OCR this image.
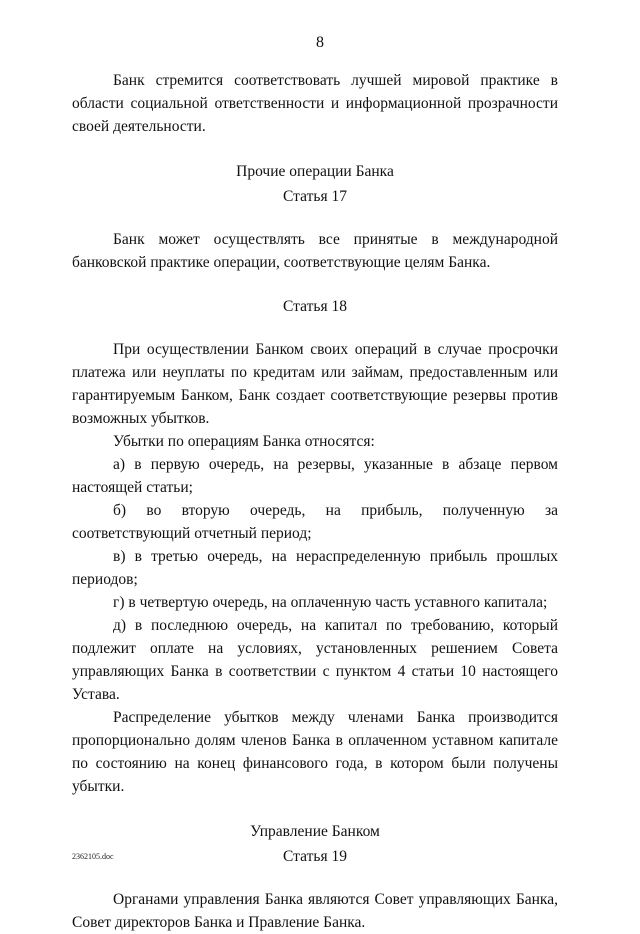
8

Банк стремится соответствовать лучшей мировой практике в области социальной ответственности и информационной прозрачности своей деятельности.

Прочие операции Банка

Статья 17

Банк может осуществлять все принятые в международной банковской практике операции, соответствующие целям Банка.

Статья 18

При осуществлении Банком своих операций в случае просрочки платежа или неуплаты по кредитам или займам, предоставленным или гарантируемым Банком, Банк создает соответствующие резервы против возможных убытков.

Убытки по операциям Банка относятся:

а) в первую очередь, на резервы, указанные в абзаце первом настоящей статьи;

б) во вторую очередь, на прибыль, полученную за соответствующий отчетный период;

в) в третью очередь, на нераспределенную прибыль прошлых периодов;

г) в четвертую очередь, на оплаченную часть уставного капитала;

д) в последнюю очередь, на капитал по требованию, который подлежит оплате на условиях, установленных решением Совета управляющих Банка в соответствии с пунктом 4 статьи 10 настоящего Устава.

Распределение убытков между членами Банка производится пропорционально долям членов Банка в оплаченном уставном капитале по состоянию на конец финансового года, в котором были получены убытки.

Управление Банком

Статья 19

Органами управления Банка являются Совет управляющих Банка, Совет директоров Банка и Правление Банка.

2362105.doc
